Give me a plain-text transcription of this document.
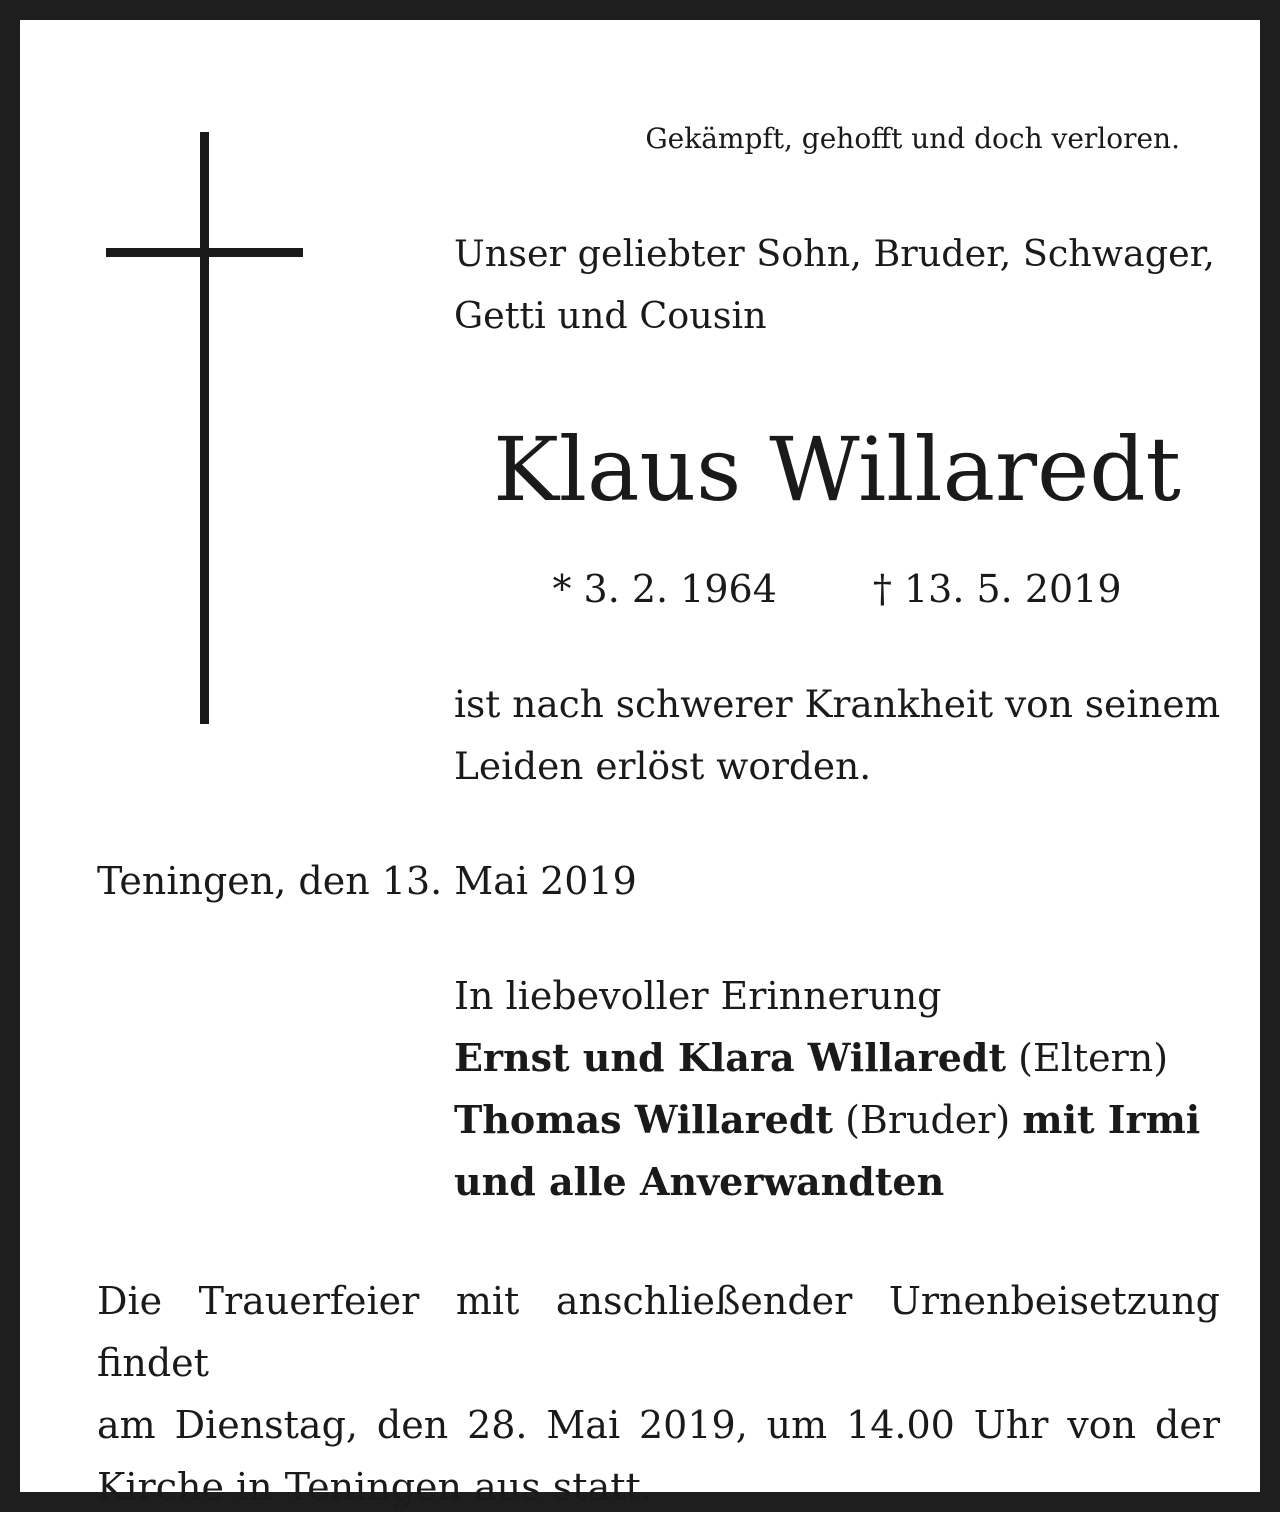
Gekämpft, gehofft und doch verloren.
Unser geliebter Sohn, Bruder, Schwager,
Getti und Cousin
Klaus Willaredt
* 3. 2. 1964	† 13. 5. 2019
ist nach schwerer Krankheit von seinem
Leiden erlöst worden.
Teningen, den 13. Mai 2019
In liebevoller Erinnerung
Ernst und Klara Willaredt (Eltern)
Thomas Willaredt (Bruder) mit Irmi
und alle Anverwandten
Die Trauerfeier mit anschließender Urnenbeisetzung findet
am Dienstag, den 28. Mai 2019, um 14.00 Uhr von der
Kirche in Teningen aus statt.
